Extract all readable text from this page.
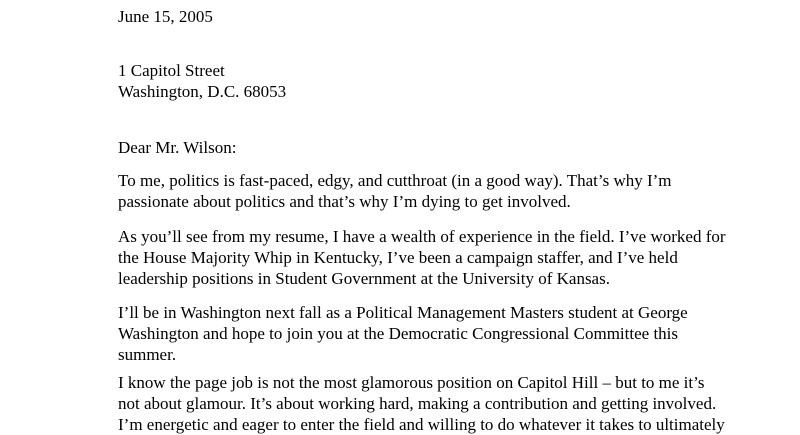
June 15, 2005

1 Capitol Street
Washington, D.C. 68053

Dear Mr. Wilson:

To me, politics is fast-paced, edgy, and cutthroat (in a good way). That’s why I’m
passionate about politics and that’s why I’m dying to get involved.

As you’ll see from my resume, I have a wealth of experience in the field. I’ve worked for
the House Majority Whip in Kentucky, I’ve been a campaign staffer, and I’ve held
leadership positions in Student Government at the University of Kansas.

I’ll be in Washington next fall as a Political Management Masters student at George
Washington and hope to join you at the Democratic Congressional Committee this
summer.

I know the page job is not the most glamorous position on Capitol Hill – but to me it’s
not about glamour. It’s about working hard, making a contribution and getting involved.
I’m energetic and eager to enter the field and willing to do whatever it takes to ultimately
